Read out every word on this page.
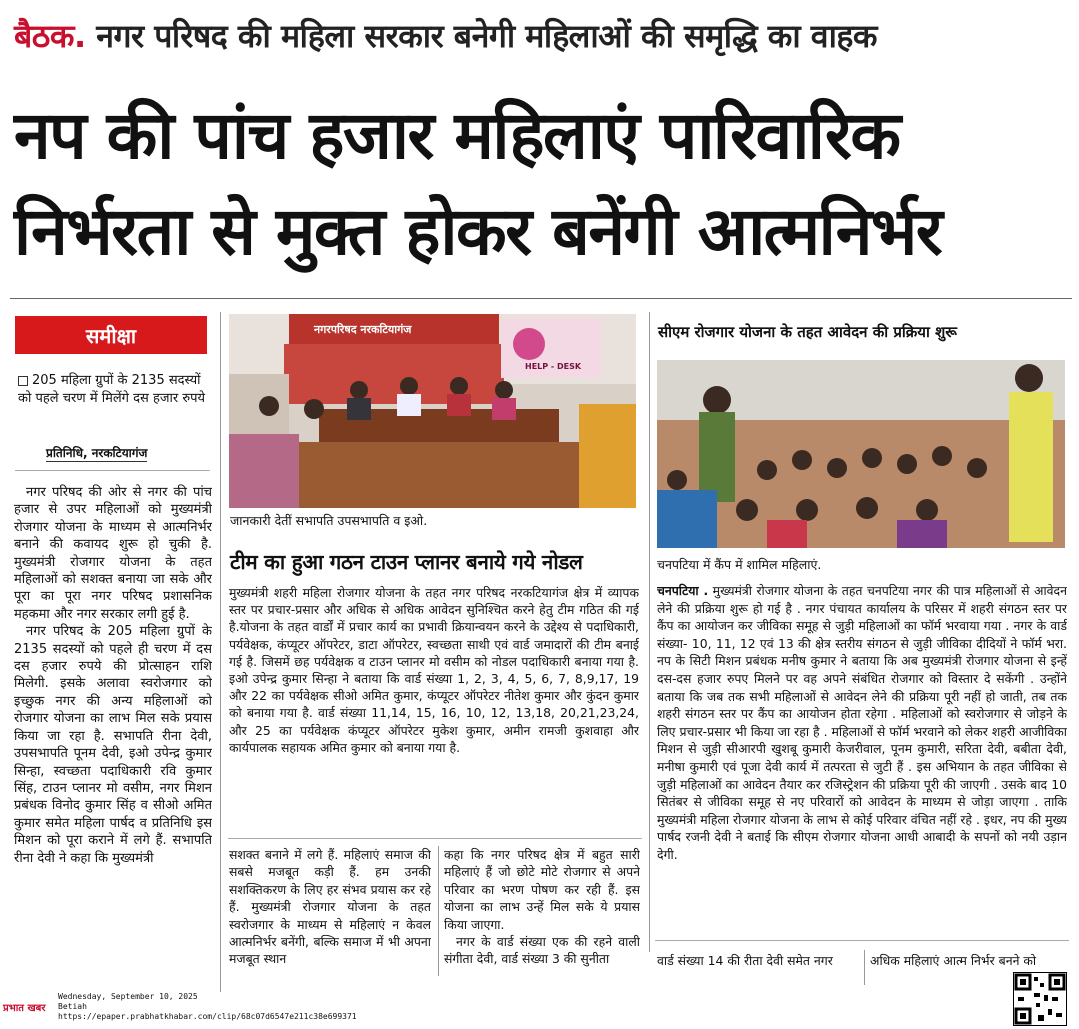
बैठक. नगर परिषद की महिला सरकार बनेगी महिलाओं की समृद्धि का वाहक
नप की पांच हजार महिलाएं पारिवारिक
निर्भरता से मुक्त होकर बनेंगी आत्मनिर्भर
समीक्षा
205 महिला ग्रुपों के 2135 सदस्यों को पहले चरण में मिलेंगे दस हजार रुपये
प्रतिनिधि, नरकटियागंज

नगर परिषद की ओर से नगर की पांच हजार से उपर महिलाओं को मुख्यमंत्री रोजगार योजना के माध्यम से आत्मनिर्भर बनाने की कवायद शुरू हो चुकी है. मुख्यमंत्री रोजगार योजना के तहत महिलाओं को सशक्त बनाया जा सके और पूरा का पूरा नगर परिषद प्रशासनिक महकमा और नगर सरकार लगी हुई है.

नगर परिषद के 205 महिला ग्रुपों के 2135 सदस्यों को पहले ही चरण में दस दस हजार रुपये की प्रोत्साहन राशि मिलेगी. इसके अलावा स्वरोजगार को इच्छुक नगर की अन्य महिलाओं को रोजगार योजना का लाभ मिल सके प्रयास किया जा रहा है. सभापति रीना देवी, उपसभापति पूनम देवी, इओ उपेन्द्र कुमार सिन्हा, स्वच्छता पदाधिकारी रवि कुमार सिंह, टाउन प्लानर मो वसीम, नगर मिशन प्रबंधक विनोद कुमार सिंह व सीओ अमित कुमार समेत महिला पार्षद व प्रतिनिधि इस मिशन को पूरा कराने में लगे हैं. सभापति रीना देवी ने कहा कि मुख्यमंत्री

नगरपरिषद नरकटियागंज
HELP - DESK
जानकारी देतीं सभापति उपसभापति व इओ.
टीम का हुआ गठन टाउन प्लानर बनाये गये नोडल
मुख्यमंत्री शहरी महिला रोजगार योजना के तहत नगर परिषद नरकटियागंज क्षेत्र में व्यापक स्तर पर प्रचार-प्रसार और अधिक से अधिक आवेदन सुनिश्चित करने हेतु टीम गठित की गई है.योजना के तहत वार्डों में प्रचार कार्य का प्रभावी क्रियान्वयन करने के उद्देश्य से पदाधिकारी, पर्यवेक्षक, कंप्यूटर ऑपरेटर, डाटा ऑपरेटर, स्वच्छता साथी एवं वार्ड जमादारों की टीम बनाई गई है. जिसमें छह पर्यवेक्षक व टाउन प्लानर मो वसीम को नोडल पदाधिकारी बनाया गया है. इओ उपेन्द्र कुमार सिन्हा ने बताया कि वार्ड संख्या 1, 2, 3, 4, 5, 6, 7, 8,9,17, 19 और 22 का पर्यवेक्षक सीओ अमित कुमार, कंप्यूटर ऑपरेटर नीतेश कुमार और कुंदन कुमार को बनाया गया है. वार्ड संख्या 11,14, 15, 16, 10, 12, 13,18, 20,21,23,24, और 25 का पर्यवेक्षक कंप्यूटर ऑपरेटर मुकेश कुमार, अमीन रामजी कुशवाहा और कार्यपालक सहायक अमित कुमार को बनाया गया है.
सशक्त बनाने में लगे हैं. महिलाएं समाज की सबसे मजबूत कड़ी हैं. हम उनकी सशक्तिकरण के लिए हर संभव प्रयास कर रहे हैं. मुख्यमंत्री रोजगार योजना के तहत स्वरोजगार के माध्यम से महिलाएं न केवल आत्मनिर्भर बनेंगी, बल्कि समाज में भी अपना मजबूत स्थान

कहा कि नगर परिषद क्षेत्र में बहुत सारी महिलाएं हैं जो छोटे मोटे रोजगार से अपने परिवार का भरण पोषण कर रही हैं. इस योजना का लाभ उन्हें मिल सके ये प्रयास किया जाएगा.

नगर के वार्ड संख्या एक की रहने वाली संगीता देवी, वार्ड संख्या 3 की सुनीता

सीएम रोजगार योजना के तहत आवेदन की प्रक्रिया शुरू
चनपटिया में कैंप में शामिल महिलाएं.
चनपटिया . मुख्यमंत्री रोजगार योजना के तहत चनपटिया नगर की पात्र महिलाओं से आवेदन लेने की प्रक्रिया शुरू हो गई है . नगर पंचायत कार्यालय के परिसर में शहरी संगठन स्तर पर कैंप का आयोजन कर जीविका समूह से जुड़ी महिलाओं का फॉर्म भरवाया गया . नगर के वार्ड संख्या- 10, 11, 12 एवं 13 की क्षेत्र स्तरीय संगठन से जुड़ी जीविका दीदियों ने फॉर्म भरा. नप के सिटी मिशन प्रबंधक मनीष कुमार ने बताया कि अब मुख्यमंत्री रोजगार योजना से इन्हें दस-दस हजार रुपए मिलने पर वह अपने संबंधित रोजगार को विस्तार दे सकेंगी . उन्होंने बताया कि जब तक सभी महिलाओं से आवेदन लेने की प्रक्रिया पूरी नहीं हो जाती, तब तक शहरी संगठन स्तर पर कैंप का आयोजन होता रहेगा . महिलाओं को स्वरोजगार से जोड़ने के लिए प्रचार-प्रसार भी किया जा रहा है . महिलाओं से फॉर्म भरवाने को लेकर शहरी आजीविका मिशन से जुड़ी सीआरपी खुशबू कुमारी केजरीवाल, पूनम कुमारी, सरिता देवी, बबीता देवी, मनीषा कुमारी एवं पूजा देवी कार्य में तत्परता से जुटी हैं . इस अभियान के तहत जीविका से जुड़ी महिलाओं का आवेदन तैयार कर रजिस्ट्रेशन की प्रक्रिया पूरी की जाएगी . उसके बाद 10 सितंबर से जीविका समूह से नए परिवारों को आवेदन के माध्यम से जोड़ा जाएगा . ताकि मुख्यमंत्री महिला रोजगार योजना के लाभ से कोई परिवार वंचित नहीं रहे . इधर, नप की मुख्य पार्षद रजनी देवी ने बताई कि सीएम रोजगार योजना आधी आबादी के सपनों को नयी उड़ान देगी.
वार्ड संख्या 14 की रीता देवी समेत नगर	अधिक महिलाएं आत्म निर्भर बनने को
प्रभात खबर
Wednesday, September 10, 2025
Betiah
https://epaper.prabhatkhabar.com/clip/68c07d6547e211c38e699371
